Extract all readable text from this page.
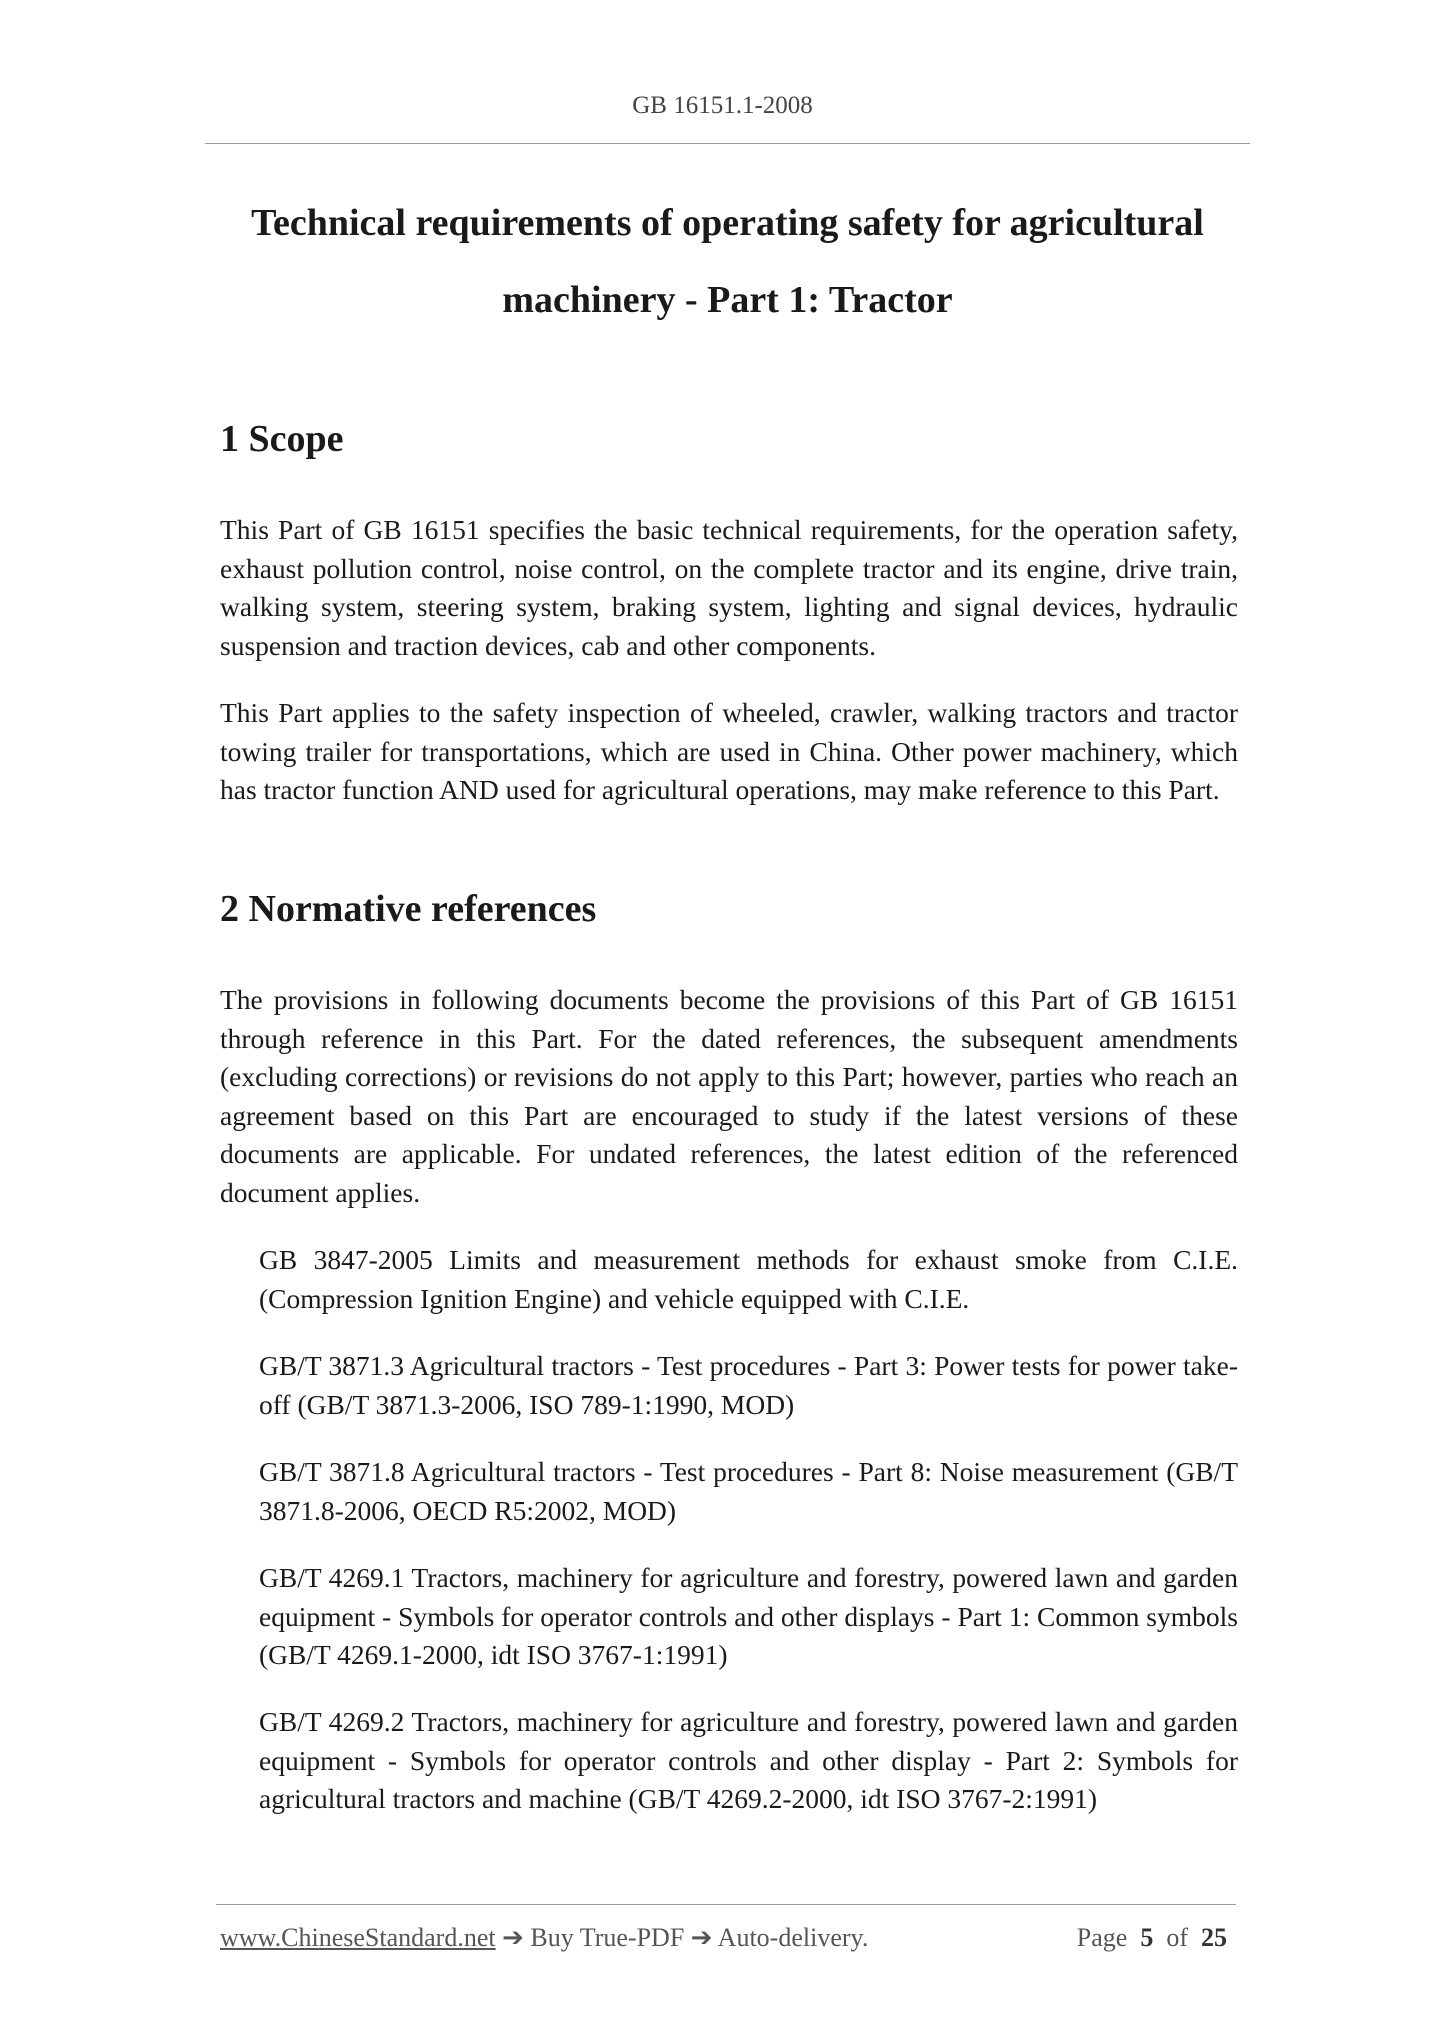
GB 16151.1-2008
Technical requirements of operating safety for agricultural
machinery - Part 1: Tractor
1 Scope

This Part of GB 16151 specifies the basic technical requirements, for the operation safety, exhaust pollution control, noise control, on the complete tractor and its engine, drive train, walking system, steering system, braking system, lighting and signal devices, hydraulic suspension and traction devices, cab and other components.

This Part applies to the safety inspection of wheeled, crawler, walking tractors and tractor towing trailer for transportations, which are used in China. Other power machinery, which has tractor function AND used for agricultural operations, may make reference to this Part.

2 Normative references

The provisions in following documents become the provisions of this Part of GB 16151 through reference in this Part. For the dated references, the subsequent amendments (excluding corrections) or revisions do not apply to this Part; however, parties who reach an agreement based on this Part are encouraged to study if the latest versions of these documents are applicable. For undated references, the latest edition of the referenced document applies.

GB 3847-2005 Limits and measurement methods for exhaust smoke from C.I.E. (Compression Ignition Engine) and vehicle equipped with C.I.E.

GB/T 3871.3 Agricultural tractors - Test procedures - Part 3: Power tests for power take-off (GB/T 3871.3-2006, ISO 789-1:1990, MOD)

GB/T 3871.8 Agricultural tractors - Test procedures - Part 8: Noise measurement (GB/T 3871.8-2006, OECD R5:2002, MOD)

GB/T 4269.1 Tractors, machinery for agriculture and forestry, powered lawn and garden equipment - Symbols for operator controls and other displays - Part 1: Common symbols (GB/T 4269.1-2000, idt ISO 3767-1:1991)

GB/T 4269.2 Tractors, machinery for agriculture and forestry, powered lawn and garden equipment - Symbols for operator controls and other display - Part 2: Symbols for agricultural tractors and machine (GB/T 4269.2-2000, idt ISO 3767-2:1991)

www.ChineseStandard.net ➔ Buy True-PDF ➔ Auto-delivery.	Page 5 of 25
